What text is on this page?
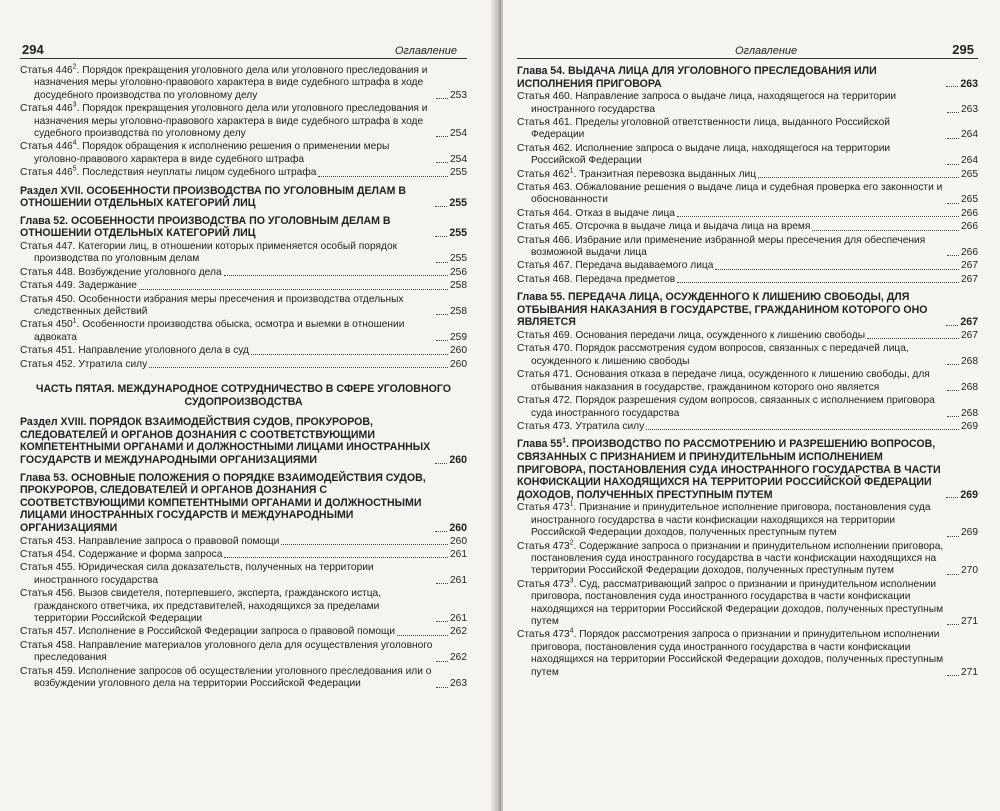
294	Оглавление
Статья $446^2$. Порядок прекращения уголовного дела или уголовного преследования и назначения меры уголовно-правового характера в виде судебного штрафа в ходе досудебного производства по уголовному делу	253
Статья $446^3$. Порядок прекращения уголовного дела или уголовного преследования и назначения меры уголовно-правового характера в виде судебного штрафа в ходе судебного производства по уголовному делу	254
Статья $446^4$. Порядок обращения к исполнению решения о применении меры уголовно-правового характера в виде судебного штрафа	254
Статья $446^5$. Последствия неуплаты лицом судебного штрафа	255
Раздел XVII. ОСОБЕННОСТИ ПРОИЗВОДСТВА ПО УГОЛОВНЫМ ДЕЛАМ В ОТНОШЕНИИ ОТДЕЛЬНЫХ КАТЕГОРИЙ ЛИЦ	255
Глава 52. ОСОБЕННОСТИ ПРОИЗВОДСТВА ПО УГОЛОВНЫМ ДЕЛАМ В ОТНОШЕНИИ ОТДЕЛЬНЫХ КАТЕГОРИЙ ЛИЦ	255
Статья 447. Категории лиц, в отношении которых применяется особый порядок производства по уголовным делам	255
Статья 448. Возбуждение уголовного дела	256
Статья 449. Задержание	258
Статья 450. Особенности избрания меры пресечения и производства отдельных следственных действий	258
Статья $450^1$. Особенности производства обыска, осмотра и выемки в отношении адвоката	259
Статья 451. Направление уголовного дела в суд	260
Статья 452. Утратила силу	260
ЧАСТЬ ПЯТАЯ. МЕЖДУНАРОДНОЕ СОТРУДНИЧЕСТВО В СФЕРЕ УГОЛОВНОГО СУДОПРОИЗВОДСТВА
Раздел XVIII. ПОРЯДОК ВЗАИМОДЕЙСТВИЯ СУДОВ, ПРОКУРОРОВ, СЛЕДОВАТЕЛЕЙ И ОРГАНОВ ДОЗНАНИЯ С СООТВЕТСТВУЮЩИМИ КОМПЕТЕНТНЫМИ ОРГАНАМИ И ДОЛЖНОСТНЫМИ ЛИЦАМИ ИНОСТРАННЫХ ГОСУДАРСТВ И МЕЖДУНАРОДНЫМИ ОРГАНИЗАЦИЯМИ	260
Глава 53. ОСНОВНЫЕ ПОЛОЖЕНИЯ О ПОРЯДКЕ ВЗАИМОДЕЙСТВИЯ СУДОВ, ПРОКУРОРОВ, СЛЕДОВАТЕЛЕЙ И ОРГАНОВ ДОЗНАНИЯ С СООТВЕТСТВУЮЩИМИ КОМПЕТЕНТНЫМИ ОРГАНАМИ И ДОЛЖНОСТНЫМИ ЛИЦАМИ ИНОСТРАННЫХ ГОСУДАРСТВ И МЕЖДУНАРОДНЫМИ ОРГАНИЗАЦИЯМИ	260
Статья 453. Направление запроса о правовой помощи	260
Статья 454. Содержание и форма запроса	261
Статья 455. Юридическая сила доказательств, полученных на территории иностранного государства	261
Статья 456. Вызов свидетеля, потерпевшего, эксперта, гражданского истца, гражданского ответчика, их представителей, находящихся за пределами территории Российской Федерации	261
Статья 457. Исполнение в Российской Федерации запроса о правовой помощи	262
Статья 458. Направление материалов уголовного дела для осуществления уголовного преследования	262
Статья 459. Исполнение запросов об осуществлении уголовного преследования или о возбуждении уголовного дела на территории Российской Федерации	263
Оглавление	295
Глава 54. ВЫДАЧА ЛИЦА ДЛЯ УГОЛОВНОГО ПРЕСЛЕДОВАНИЯ ИЛИ ИСПОЛНЕНИЯ ПРИГОВОРА	263
Статья 460. Направление запроса о выдаче лица, находящегося на территории иностранного государства	263
Статья 461. Пределы уголовной ответственности лица, выданного Российской Федерации	264
Статья 462. Исполнение запроса о выдаче лица, находящегося на территории Российской Федерации	264
Статья $462^1$. Транзитная перевозка выданных лиц	265
Статья 463. Обжалование решения о выдаче лица и судебная проверка его законности и обоснованности	265
Статья 464. Отказ в выдаче лица	266
Статья 465. Отсрочка в выдаче лица и выдача лица на время	266
Статья 466. Избрание или применение избранной меры пресечения для обеспечения возможной выдачи лица	266
Статья 467. Передача выдаваемого лица	267
Статья 468. Передача предметов	267
Глава 55. ПЕРЕДАЧА ЛИЦА, ОСУЖДЕННОГО К ЛИШЕНИЮ СВОБОДЫ, ДЛЯ ОТБЫВАНИЯ НАКАЗАНИЯ В ГОСУДАРСТВЕ, ГРАЖДАНИНОМ КОТОРОГО ОНО ЯВЛЯЕТСЯ	267
Статья 469. Основания передачи лица, осужденного к лишению свободы	267
Статья 470. Порядок рассмотрения судом вопросов, связанных с передачей лица, осужденного к лишению свободы	268
Статья 471. Основания отказа в передаче лица, осужденного к лишению свободы, для отбывания наказания в государстве, гражданином которого оно является	268
Статья 472. Порядок разрешения судом вопросов, связанных с исполнением приговора суда иностранного государства	268
Статья 473. Утратила силу	269
Глава $55^1$. ПРОИЗВОДСТВО ПО РАССМОТРЕНИЮ И РАЗРЕШЕНИЮ ВОПРОСОВ, СВЯЗАННЫХ С ПРИЗНАНИЕМ И ПРИНУДИТЕЛЬНЫМ ИСПОЛНЕНИЕМ ПРИГОВОРА, ПОСТАНОВЛЕНИЯ СУДА ИНОСТРАННОГО ГОСУДАРСТВА В ЧАСТИ КОНФИСКАЦИИ НАХОДЯЩИХСЯ НА ТЕРРИТОРИИ РОССИЙСКОЙ ФЕДЕРАЦИИ ДОХОДОВ, ПОЛУЧЕННЫХ ПРЕСТУПНЫМ ПУТЕМ	269
Статья $473^1$. Признание и принудительное исполнение приговора, постановления суда иностранного государства в части конфискации находящихся на территории Российской Федерации доходов, полученных преступным путем	269
Статья $473^2$. Содержание запроса о признании и принудительном исполнении приговора, постановления суда иностранного государства в части конфискации находящихся на территории Российской Федерации доходов, полученных преступным путем	270
Статья $473^3$. Суд, рассматривающий запрос о признании и принудительном исполнении приговора, постановления суда иностранного государства в части конфискации находящихся на территории Российской Федерации доходов, полученных преступным путем	271
Статья $473^4$. Порядок рассмотрения запроса о признании и принудительном исполнении приговора, постановления суда иностранного государства в части конфискации находящихся на территории Российской Федерации доходов, полученных преступным путем	271
